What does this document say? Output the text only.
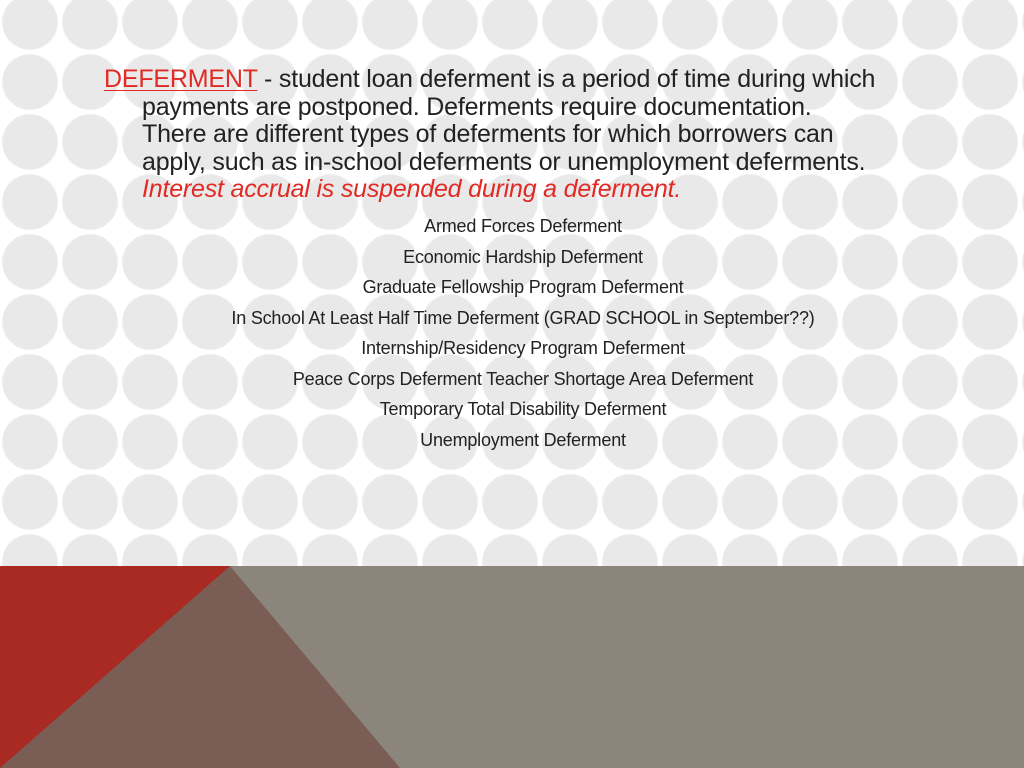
DEFERMENT - student loan deferment is a period of time during which
payments are postponed. Deferments require documentation.
There are different types of deferments for which borrowers can
apply, such as in-school deferments or unemployment deferments.
Interest accrual is suspended during a deferment.
Armed Forces Deferment
Economic Hardship Deferment
Graduate Fellowship Program Deferment
In School At Least Half Time Deferment (GRAD SCHOOL in September??)
Internship/Residency Program Deferment
Peace Corps Deferment Teacher Shortage Area Deferment
Temporary Total Disability Deferment
Unemployment Deferment
